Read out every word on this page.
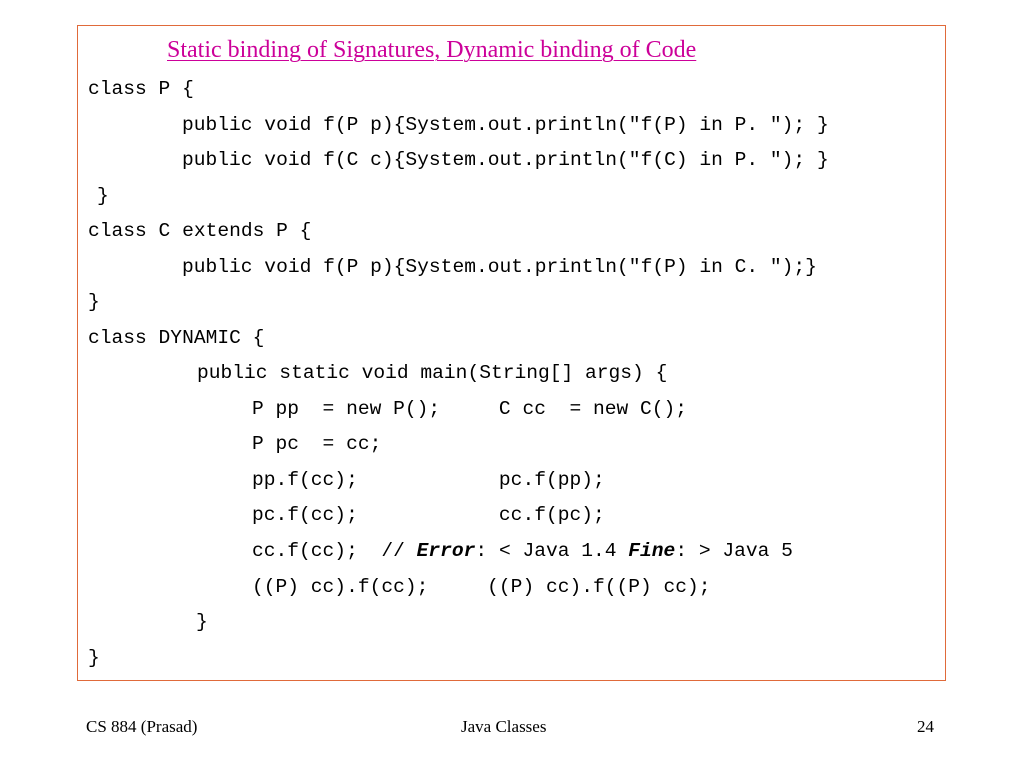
Static binding of Signatures, Dynamic binding of Code
class P {
public void f(P p){System.out.println("f(P) in P. "); }
public void f(C c){System.out.println("f(C) in P. "); }
}
class C extends P {
public void f(P p){System.out.println("f(P) in C. ");}
}
class DYNAMIC {
public static void main(String[] args) {
P pp  = new P();     C cc  = new C();
P pc  = cc;
pp.f(cc);            pc.f(pp);
pc.f(cc);            cc.f(pc);
cc.f(cc);  // Error: < Java 1.4 Fine: > Java 5
((P) cc).f(cc);     ((P) cc).f((P) cc);
}
}
CS 884 (Prasad)	Java Classes	24
